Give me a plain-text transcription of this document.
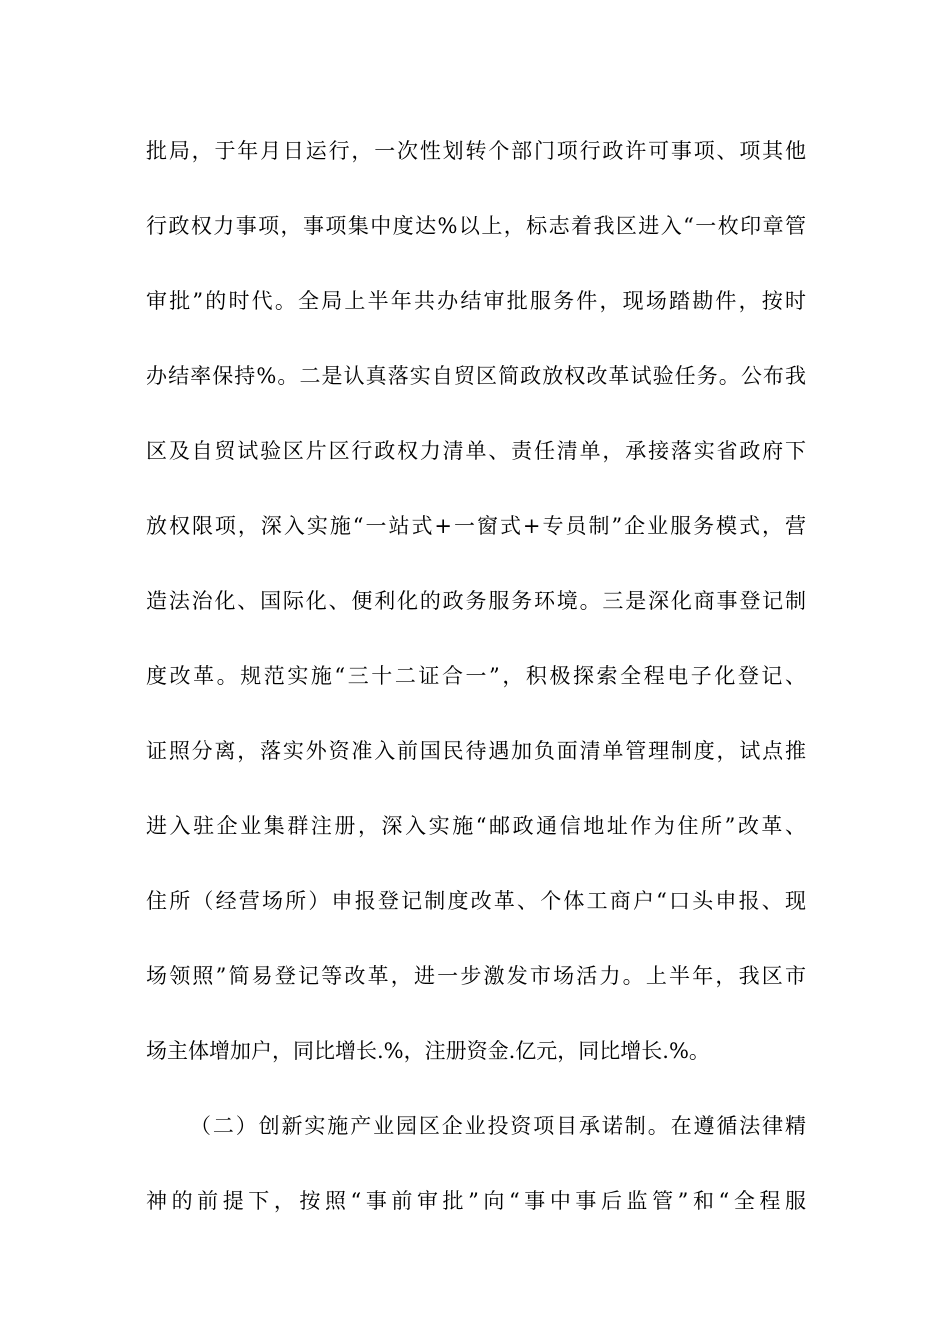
批局，于年月日运行，一次性划转个部门项行政许可事项、项其他
行政权力事项，事项集中度达%以上，标志着我区进入“一枚印章管
审批”的时代。全局上半年共办结审批服务件，现场踏勘件，按时
办结率保持%。二是认真落实自贸区简政放权改革试验任务。公布我
区及自贸试验区片区行政权力清单、责任清单，承接落实省政府下
放权限项，深入实施“一站式+一窗式+专员制”企业服务模式，营
造法治化、国际化、便利化的政务服务环境。三是深化商事登记制
度改革。规范实施“三十二证合一”，积极探索全程电子化登记、
证照分离，落实外资准入前国民待遇加负面清单管理制度，试点推
进入驻企业集群注册，深入实施“邮政通信地址作为住所”改革、
住所（经营场所）申报登记制度改革、个体工商户“口头申报、现
场领照”简易登记等改革，进一步激发市场活力。上半年，我区市
场主体增加户，同比增长.%，注册资金.亿元，同比增长.%。
（二）创新实施产业园区企业投资项目承诺制。在遵循法律精
神的前提下，按照“事前审批”向“事中事后监管”和“全程服
